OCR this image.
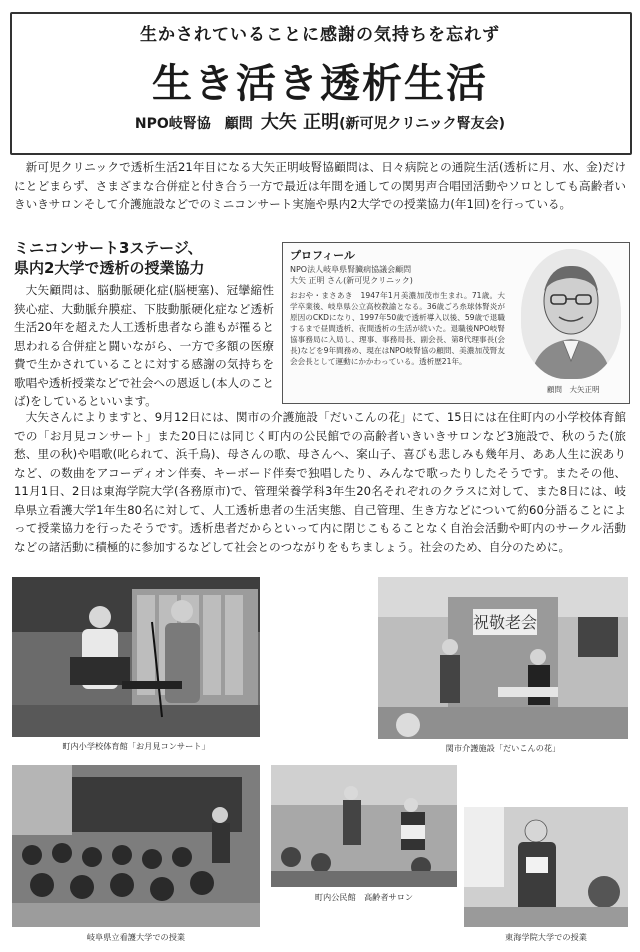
生かされていることに感謝の気持ちを忘れず
生き活き透析生活
NPO岐腎協　顧問 大矢 正明(新可児クリニック腎友会)
新可児クリニックで透析生活21年目になる大矢正明岐腎協顧問は、日々病院との通院生活(透析に月、水、金)だけにとどまらず、さまざまな合併症と付き合う一方で最近は年間を通しての関男声合唱団活動やソロとしても高齢者いきいきサロンそして介護施設などでのミニコンサート実施や県内2大学での授業協力(年1回)を行っている。
ミニコンサート3ステージ、
県内2大学で透析の授業協力
大矢顧問は、脳動脈硬化症(脳梗塞)、冠攣縮性狭心症、大動脈弁膜症、下肢動脈硬化症など透析生活20年を超えた人工透析患者なら誰もが罹ると思われる合併症と闘いながら、一方で多額の医療費で生かされていることに対する感謝の気持ちを歌唱や透析授業などで社会への恩返し(本人のことば)をしているといいます。
プロフィール
NPO法人岐阜県腎臓病協議会顧問
大矢 正明 さん(新可児クリニック)
おおや・まさあき　1947年1月美濃加茂市生まれ。71歳。大学卒業後、岐阜県公立高校教諭となる。36歳ごろ糸球体腎炎が原因のCKDになり、1997年50歳で透析導入以後、59歳で退職するまで昼間透析、夜間透析の生活が続いた。退職後NPO岐腎協事務局に入局し、理事、事務局長、副会長、第8代理事長(会長)などを9年間務め、現在はNPO岐腎協の顧問、美濃加茂腎友会会長として運動にかかわっている。透析歴21年。
顧問　大矢正明
大矢さんによりますと、9月12日には、関市の介護施設「だいこんの花」にて、15日には在住町内の小学校体育館での「お月見コンサート」また20日には同じく町内の公民館での高齢者いきいきサロンなど3施設で、秋のうた(旅愁、里の秋)や唱歌(叱られて、浜千鳥)、母さんの歌、母さんへ、案山子、喜びも悲しみも幾年月、ああ人生に涙ありなど、の数曲をアコーディオン伴奏、キーボード伴奏で独唱したり、みんなで歌ったりしたそうです。またその他、11月1日、2日は東海学院大学(各務原市)で、管理栄養学科3年生20名それぞれのクラスに対して、また8日には、岐阜県立看護大学1年生80名に対して、人工透析患者の生活実態、自己管理、生き方などについて約60分語ることによって授業協力を行ったそうです。透析患者だからといって内に閉じこもることなく自治会活動や町内のサークル活動などの諸活動に積極的に参加するなどして社会とのつながりをもちましょう。社会のため、自分のために。
町内小学校体育館「お月見コンサート」
祝敬老会
関市介護施設「だいこんの花」
岐阜県立看護大学での授業
町内公民館　高齢者サロン
東海学院大学での授業
